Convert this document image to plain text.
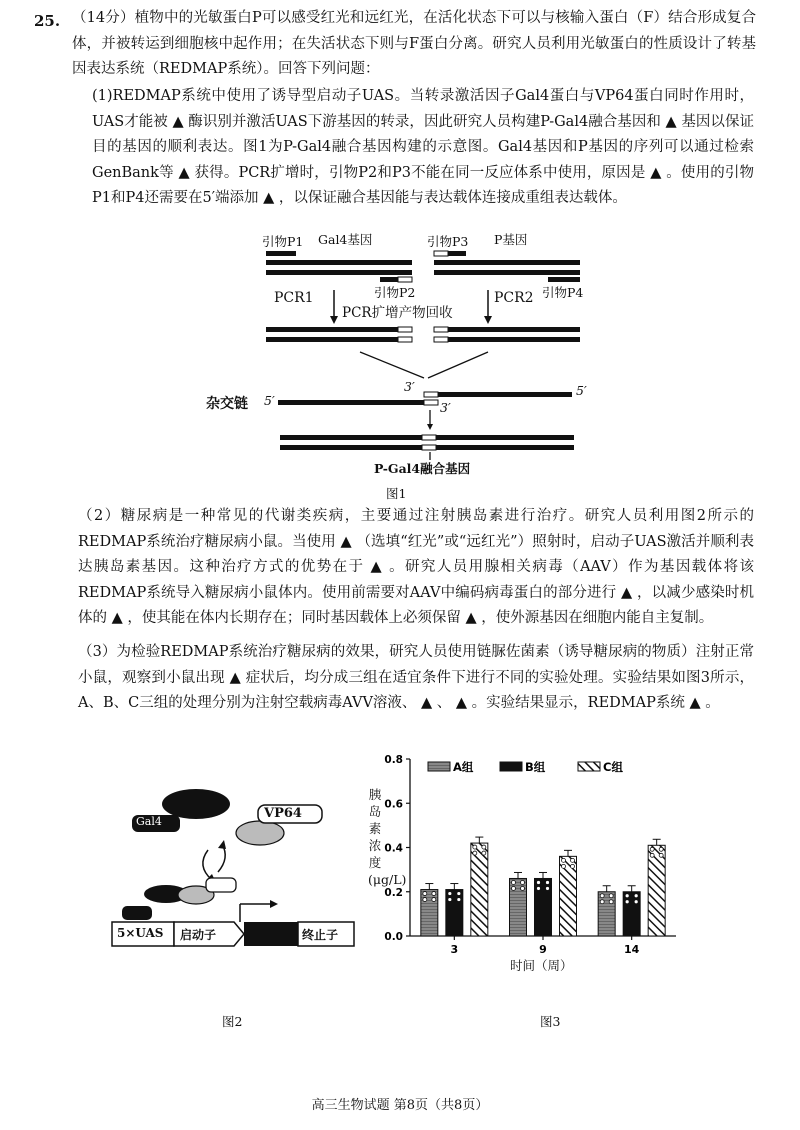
25. （14分）植物中的光敏蛋白P可以感受红光和远红光，在活化状态下可以与核输入蛋白（F）结合形成复合体，并被转运到细胞核中起作用；在失活状态下则与F蛋白分离。研究人员利用光敏蛋白的性质设计了转基因表达系统（REDMAP系统）。回答下列问题：
(1)REDMAP系统中使用了诱导型启动子UAS。当转录激活因子Gal4蛋白与VP64蛋白同时作用时，UAS才能被 ▲ 酶识别并激活UAS下游基因的转录，因此研究人员构建P-Gal4融合基因和 ▲ 基因以保证目的基因的顺利表达。图1为P-Gal4融合基因构建的示意图。Gal4基因和P基因的序列可以通过检索GenBank等 ▲ 获得。PCR扩增时，引物P2和P3不能在同一反应体系中使用，原因是 ▲ 。使用的引物P1和P4还需要在5′端添加 ▲ ，以保证融合基因能与表达载体连接成重组表达载体。
引物P1 Gal4基因	引物P3 P基因
引物P2	引物P4
PCR1	PCR2
PCR扩增产物回收
杂交链 5′
5′
3′
3′
P-Gal4融合基因
图1
（2）糖尿病是一种常见的代谢类疾病，主要通过注射胰岛素进行治疗。研究人员利用图2所示的REDMAP系统治疗糖尿病小鼠。当使用 ▲ （选填“红光”或“远红光”）照射时，启动子UAS激活并顺利表达胰岛素基因。这种治疗方式的优势在于 ▲ 。研究人员用腺相关病毒（AAV）作为基因载体将该REDMAP系统导入糖尿病小鼠体内。使用前需要对AAV中编码病毒蛋白的部分进行 ▲ ，以减少感染时机体的 ▲ ，使其能在体内长期存在；同时基因载体上必须保留 ▲ ，使外源基因在细胞内能自主复制。
（3）为检验REDMAP系统治疗糖尿病的效果，研究人员使用链脲佐菌素（诱导糖尿病的物质）注射正常小鼠，观察到小鼠出现 ▲ 症状后，均分成三组在适宜条件下进行不同的实验处理。实验结果如图3所示，A、B、C三组的处理分别为注射空载病毒AVV溶液、 ▲ 、 ▲ 。实验结果显示，REDMAP系统 ▲ 。
Gal4
VP64
5×UAS 启动子	终止子
图2
0.0
0.2
0.4
0.6
0.8
3	9	14
A组	B组	C组
胰岛素浓度(μg/L)
时间（周）
图3
高三生物试题 第8页（共8页）
